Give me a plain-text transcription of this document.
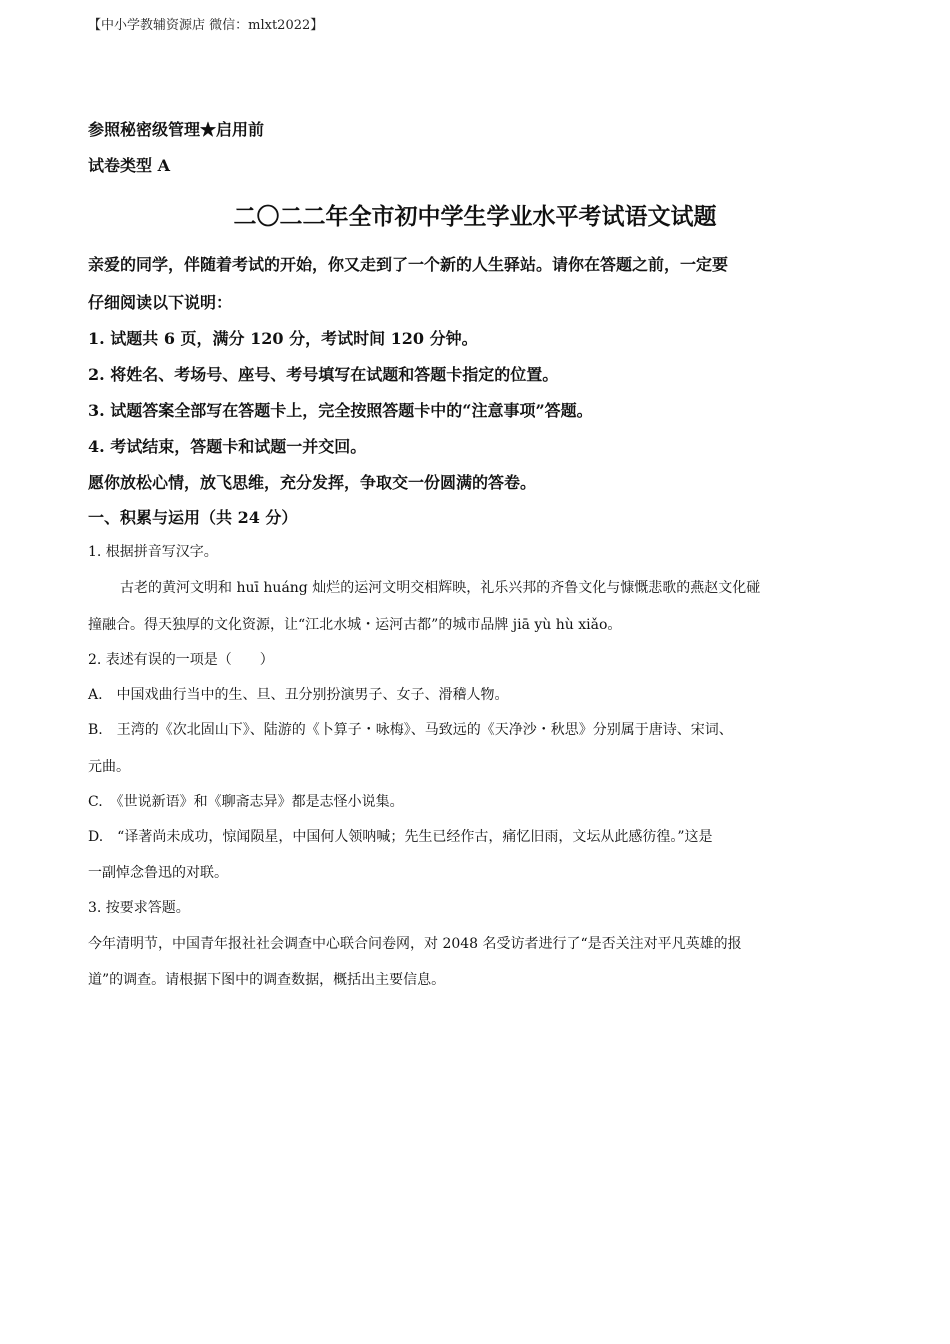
【中小学教辅资源店 微信：mlxt2022】
参照秘密级管理★启用前
试卷类型 A
二〇二二年全市初中学生学业水平考试语文试题
亲爱的同学，伴随着考试的开始，你又走到了一个新的人生驿站。请你在答题之前，一定要
仔细阅读以下说明：
1. 试题共 6 页，满分 120 分，考试时间 120 分钟。
2. 将姓名、考场号、座号、考号填写在试题和答题卡指定的位置。
3. 试题答案全部写在答题卡上，完全按照答题卡中的“注意事项”答题。
4. 考试结束，答题卡和试题一并交回。
愿你放松心情，放飞思维，充分发挥，争取交一份圆满的答卷。
一、积累与运用（共 24 分）
1. 根据拼音写汉字。
古老的黄河文明和 huī huáng 灿烂的运河文明交相辉映，礼乐兴邦的齐鲁文化与慷慨悲歌的燕赵文化碰
撞融合。得天独厚的文化资源，让“江北水城・运河古都”的城市品牌 jiā yù hù xiǎo。
2. 表述有误的一项是（　　）
A.　中国戏曲行当中的生、旦、丑分别扮演男子、女子、滑稽人物。
B.　王湾的《次北固山下》、陆游的《卜算子・咏梅》、马致远的《天净沙・秋思》分别属于唐诗、宋词、
元曲。
C.　《世说新语》和《聊斋志异》都是志怪小说集。
D.　“译著尚未成功，惊闻陨星，中国何人领呐喊；先生已经作古，痛忆旧雨，文坛从此感彷徨。”这是
一副悼念鲁迅的对联。
3. 按要求答题。
今年清明节，中国青年报社社会调查中心联合问卷网，对 2048 名受访者进行了“是否关注对平凡英雄的报
道”的调查。请根据下图中的调查数据，概括出主要信息。
